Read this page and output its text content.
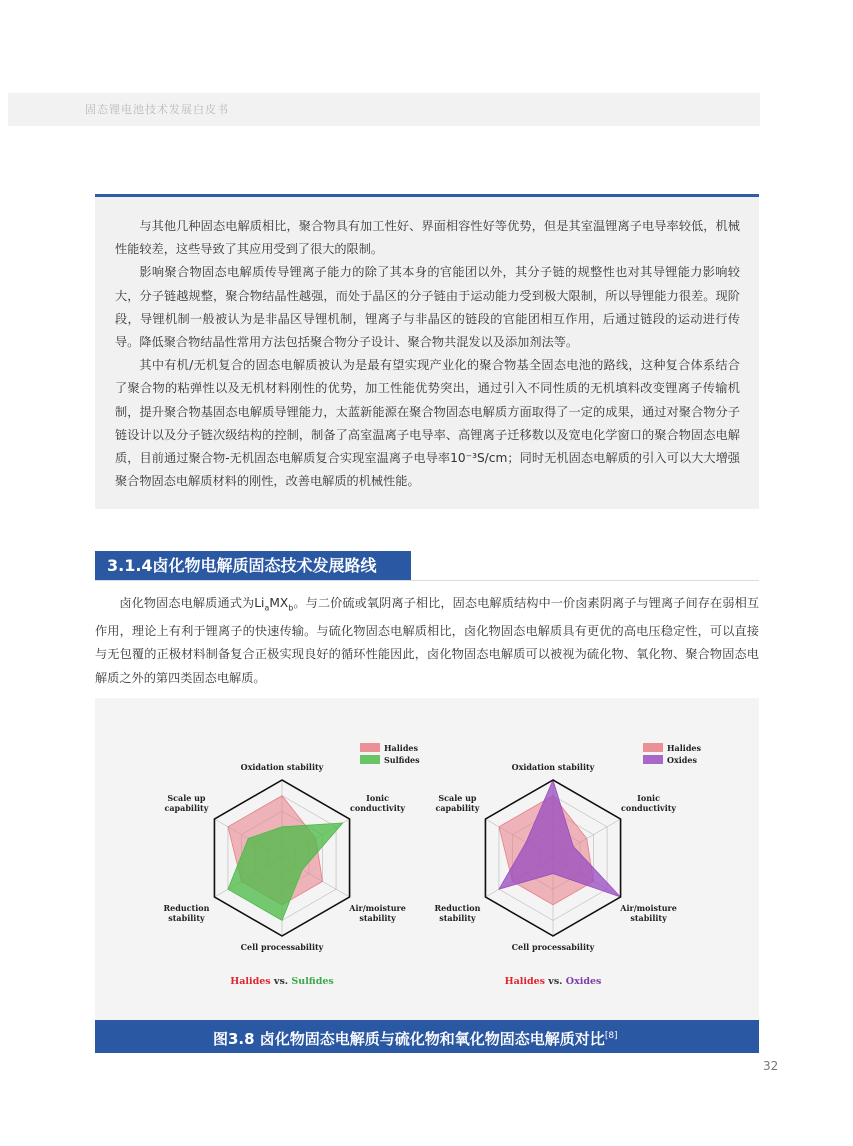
固态锂电池技术发展白皮书

与其他几种固态电解质相比，聚合物具有加工性好、界面相容性好等优势，但是其室温锂离子电导率较低，机械性能较差，这些导致了其应用受到了很大的限制。

影响聚合物固态电解质传导锂离子能力的除了其本身的官能团以外，其分子链的规整性也对其导锂能力影响较大，分子链越规整，聚合物结晶性越强，而处于晶区的分子链由于运动能力受到极大限制，所以导锂能力很差。现阶段，导锂机制一般被认为是非晶区导锂机制，锂离子与非晶区的链段的官能团相互作用，后通过链段的运动进行传导。降低聚合物结晶性常用方法包括聚合物分子设计、聚合物共混发以及添加剂法等。

其中有机/无机复合的固态电解质被认为是最有望实现产业化的聚合物基全固态电池的路线，这种复合体系结合了聚合物的粘弹性以及无机材料刚性的优势，加工性能优势突出，通过引入不同性质的无机填料改变锂离子传输机制，提升聚合物基固态电解质导锂能力，太蓝新能源在聚合物固态电解质方面取得了一定的成果，通过对聚合物分子链设计以及分子链次级结构的控制，制备了高室温离子电导率、高锂离子迁移数以及宽电化学窗口的聚合物固态电解质，目前通过聚合物-无机固态电解质复合实现室温离子电导率10⁻³S/cm；同时无机固态电解质的引入可以大大增强聚合物固态电解质材料的刚性，改善电解质的机械性能。

3.1.4卤化物电解质固态技术发展路线

卤化物固态电解质通式为$Li_aMX_b$。与二价硫或氧阴离子相比，固态电解质结构中一价卤素阴离子与锂离子间存在弱相互作用，理论上有利于锂离子的快速传输。与硫化物固态电解质相比，卤化物固态电解质具有更优的高电压稳定性，可以直接与无包覆的正极材料制备复合正极实现良好的循环性能因此，卤化物固态电解质可以被视为硫化物、氧化物、聚合物固态电解质之外的第四类固态电解质。

Oxidation stability
Ionic
conductivity
Air/moisture
stability
Cell processability
Reduction
stability
Scale up
capability
Halides
Sulfides
Halides vs. Sulfides
Oxidation stability
Ionic
conductivity
Air/moisture
stability
Cell processability
Reduction
stability
Scale up
capability
Halides
Oxides
Halides vs. Oxides
图3.8 卤化物固态电解质与硫化物和氧化物固态电解质对比[8]
32
